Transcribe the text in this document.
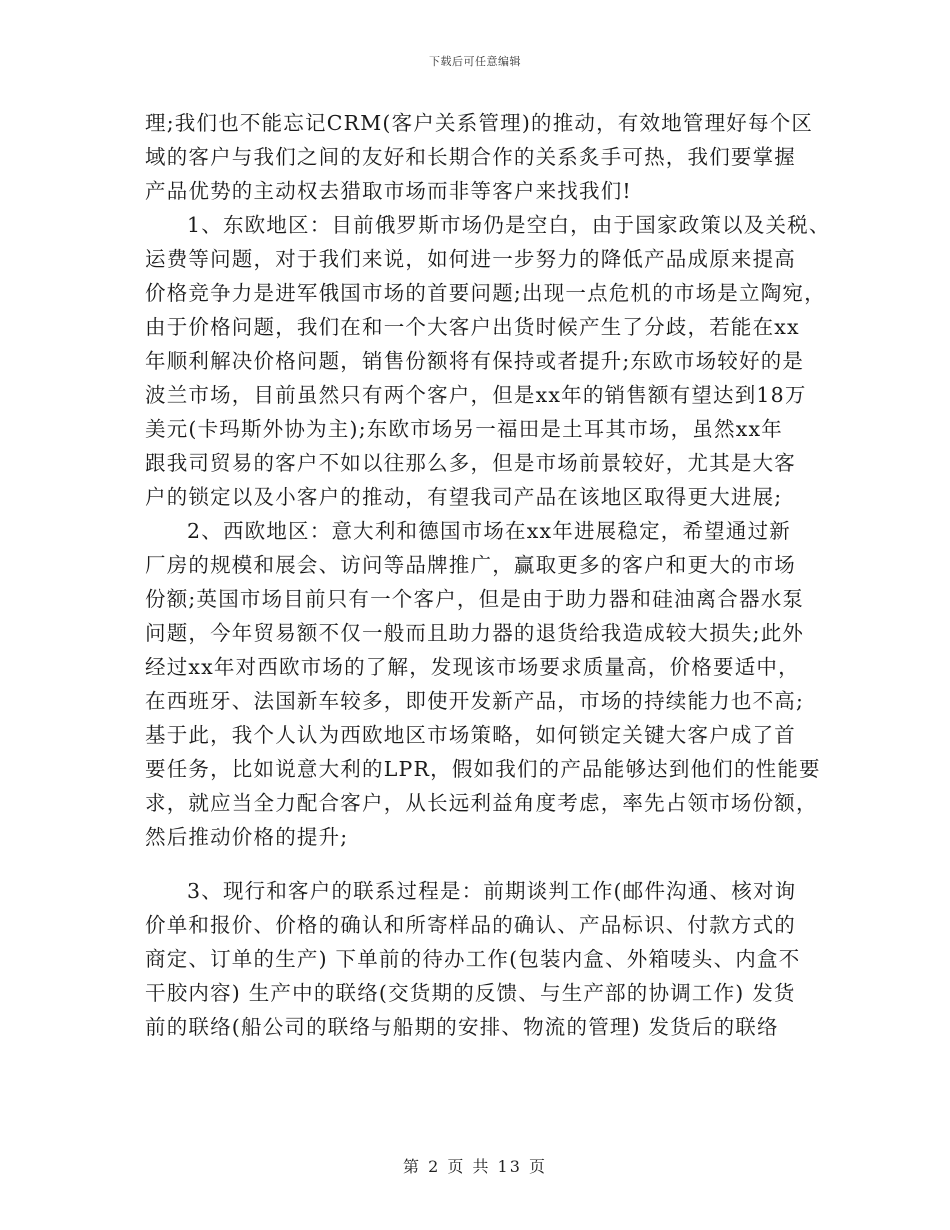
下载后可任意编辑
理;我们也不能忘记CRM(客户关系管理)的推动，有效地管理好每个区
域的客户与我们之间的友好和长期合作的关系炙手可热，我们要掌握
产品优势的主动权去猎取市场而非等客户来找我们!
1、东欧地区：目前俄罗斯市场仍是空白，由于国家政策以及关税、
运费等问题，对于我们来说，如何进一步努力的降低产品成原来提高
价格竞争力是进军俄国市场的首要问题;出现一点危机的市场是立陶宛，
由于价格问题，我们在和一个大客户出货时候产生了分歧，若能在xx
年顺利解决价格问题，销售份额将有保持或者提升;东欧市场较好的是
波兰市场，目前虽然只有两个客户，但是xx年的销售额有望达到18万
美元(卡玛斯外协为主);东欧市场另一福田是土耳其市场，虽然xx年
跟我司贸易的客户不如以往那么多，但是市场前景较好，尤其是大客
户的锁定以及小客户的推动，有望我司产品在该地区取得更大进展;
2、西欧地区：意大利和德国市场在xx年进展稳定，希望通过新
厂房的规模和展会、访问等品牌推广，赢取更多的客户和更大的市场
份额;英国市场目前只有一个客户，但是由于助力器和硅油离合器水泵
问题，今年贸易额不仅一般而且助力器的退货给我造成较大损失;此外
经过xx年对西欧市场的了解，发现该市场要求质量高，价格要适中，
在西班牙、法国新车较多，即使开发新产品，市场的持续能力也不高;
基于此，我个人认为西欧地区市场策略，如何锁定关键大客户成了首
要任务，比如说意大利的LPR，假如我们的产品能够达到他们的性能要
求，就应当全力配合客户，从长远利益角度考虑，率先占领市场份额，
然后推动价格的提升;
3、现行和客户的联系过程是：前期谈判工作(邮件沟通、核对询
价单和报价、价格的确认和所寄样品的确认、产品标识、付款方式的
商定、订单的生产) 下单前的待办工作(包装内盒、外箱唛头、内盒不
干胶内容) 生产中的联络(交货期的反馈、与生产部的协调工作) 发货
前的联络(船公司的联络与船期的安排、物流的管理) 发货后的联络
第 2 页 共 13 页
